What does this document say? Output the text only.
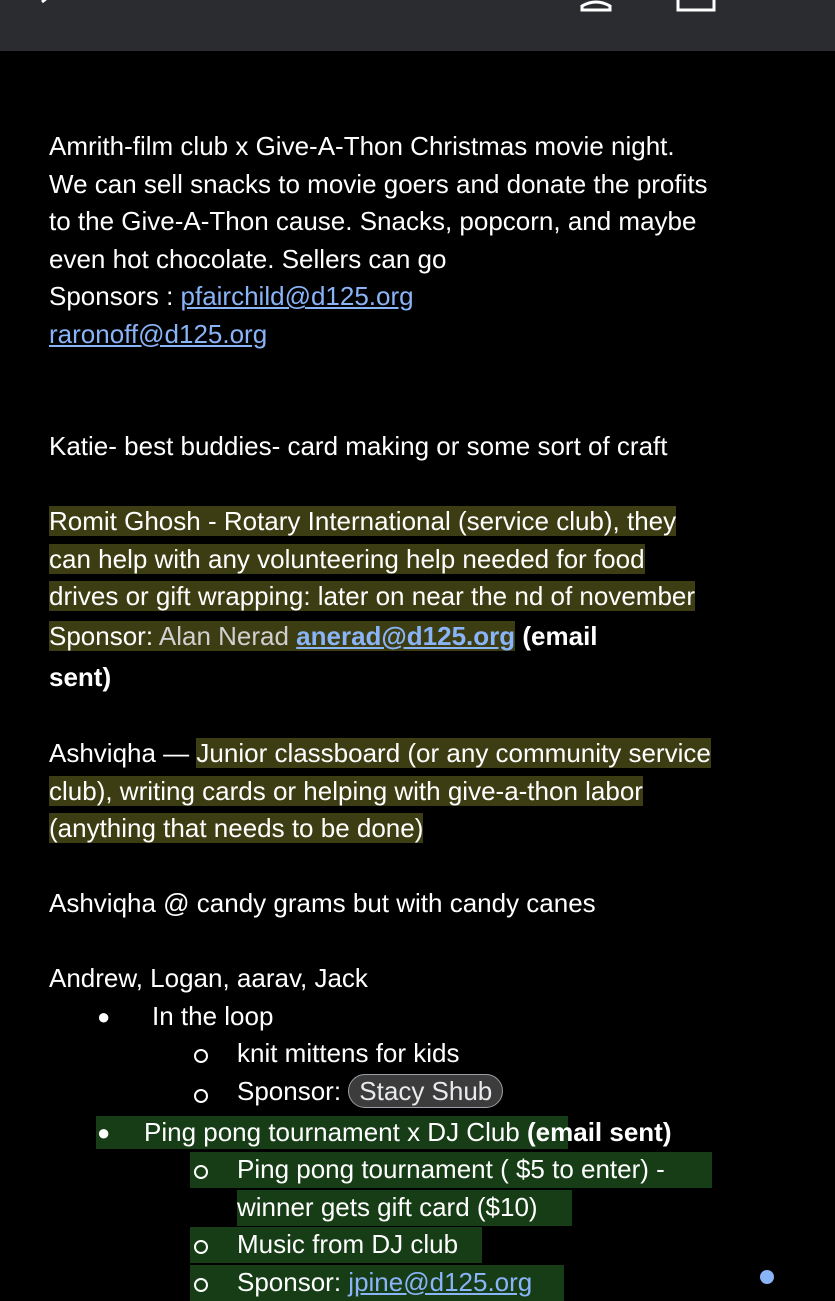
Amrith-film club x Give-A-Thon Christmas movie night.
We can sell snacks to movie goers and donate the profits
to the Give-A-Thon cause. Snacks, popcorn, and maybe
even hot chocolate. Sellers can go
Sponsors : pfairchild@d125.org
raronoff@d125.org
Katie- best buddies- card making or some sort of craft
Romit Ghosh - Rotary International (service club), they
can help with any volunteering help needed for food
drives or gift wrapping: later on near the nd of november
Sponsor: Alan Nerad anerad@d125.org (email
sent)
Ashviqha — Junior classboard (or any community service
club), writing cards or helping with give-a-thon labor
(anything that needs to be done)
Ashviqha @ candy grams but with candy canes
Andrew, Logan, aarav, Jack
● In the loop
knit mittens for kids
Sponsor: Stacy Shub
● Ping pong tournament x DJ Club (email sent)
Ping pong tournament ( $5 to enter) -
winner gets gift card ($10)
Music from DJ club
Sponsor: jpine@d125.org
